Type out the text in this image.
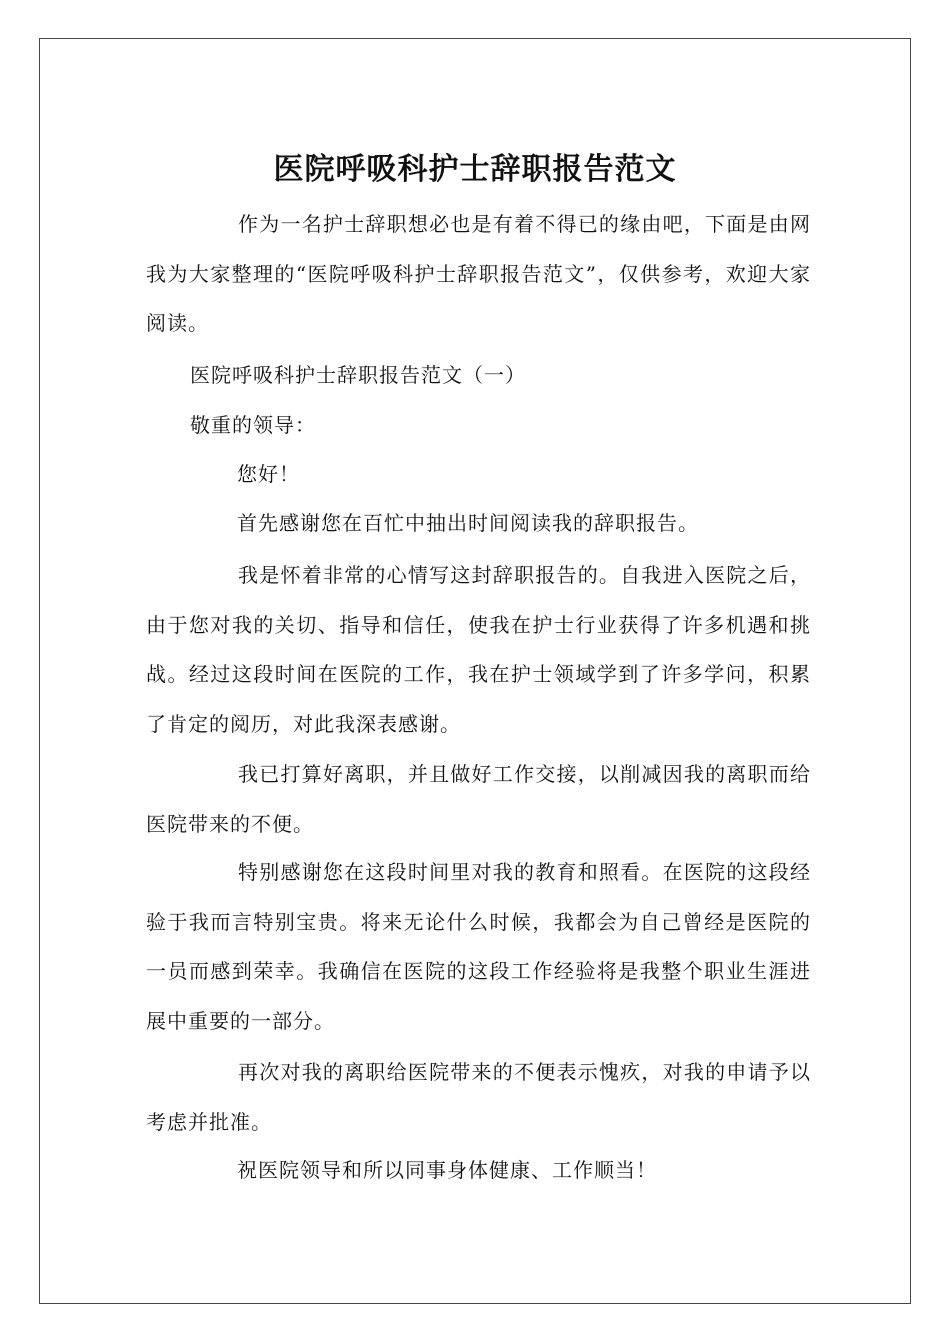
医院呼吸科护士辞职报告范文

作为一名护士辞职想必也是有着不得已的缘由吧，下面是由网我为大家整理的“医院呼吸科护士辞职报告范文”，仅供参考，欢迎大家阅读。

医院呼吸科护士辞职报告范文（一）

敬重的领导：

您好！

首先感谢您在百忙中抽出时间阅读我的辞职报告。

我是怀着非常的心情写这封辞职报告的。自我进入医院之后，由于您对我的关切、指导和信任，使我在护士行业获得了许多机遇和挑战。经过这段时间在医院的工作，我在护士领域学到了许多学问，积累了肯定的阅历，对此我深表感谢。

我已打算好离职，并且做好工作交接，以削减因我的离职而给医院带来的不便。

特别感谢您在这段时间里对我的教育和照看。在医院的这段经验于我而言特别宝贵。将来无论什么时候，我都会为自己曾经是医院的一员而感到荣幸。我确信在医院的这段工作经验将是我整个职业生涯进展中重要的一部分。

再次对我的离职给医院带来的不便表示愧疚，对我的申请予以考虑并批准。

祝医院领导和所以同事身体健康、工作顺当！
